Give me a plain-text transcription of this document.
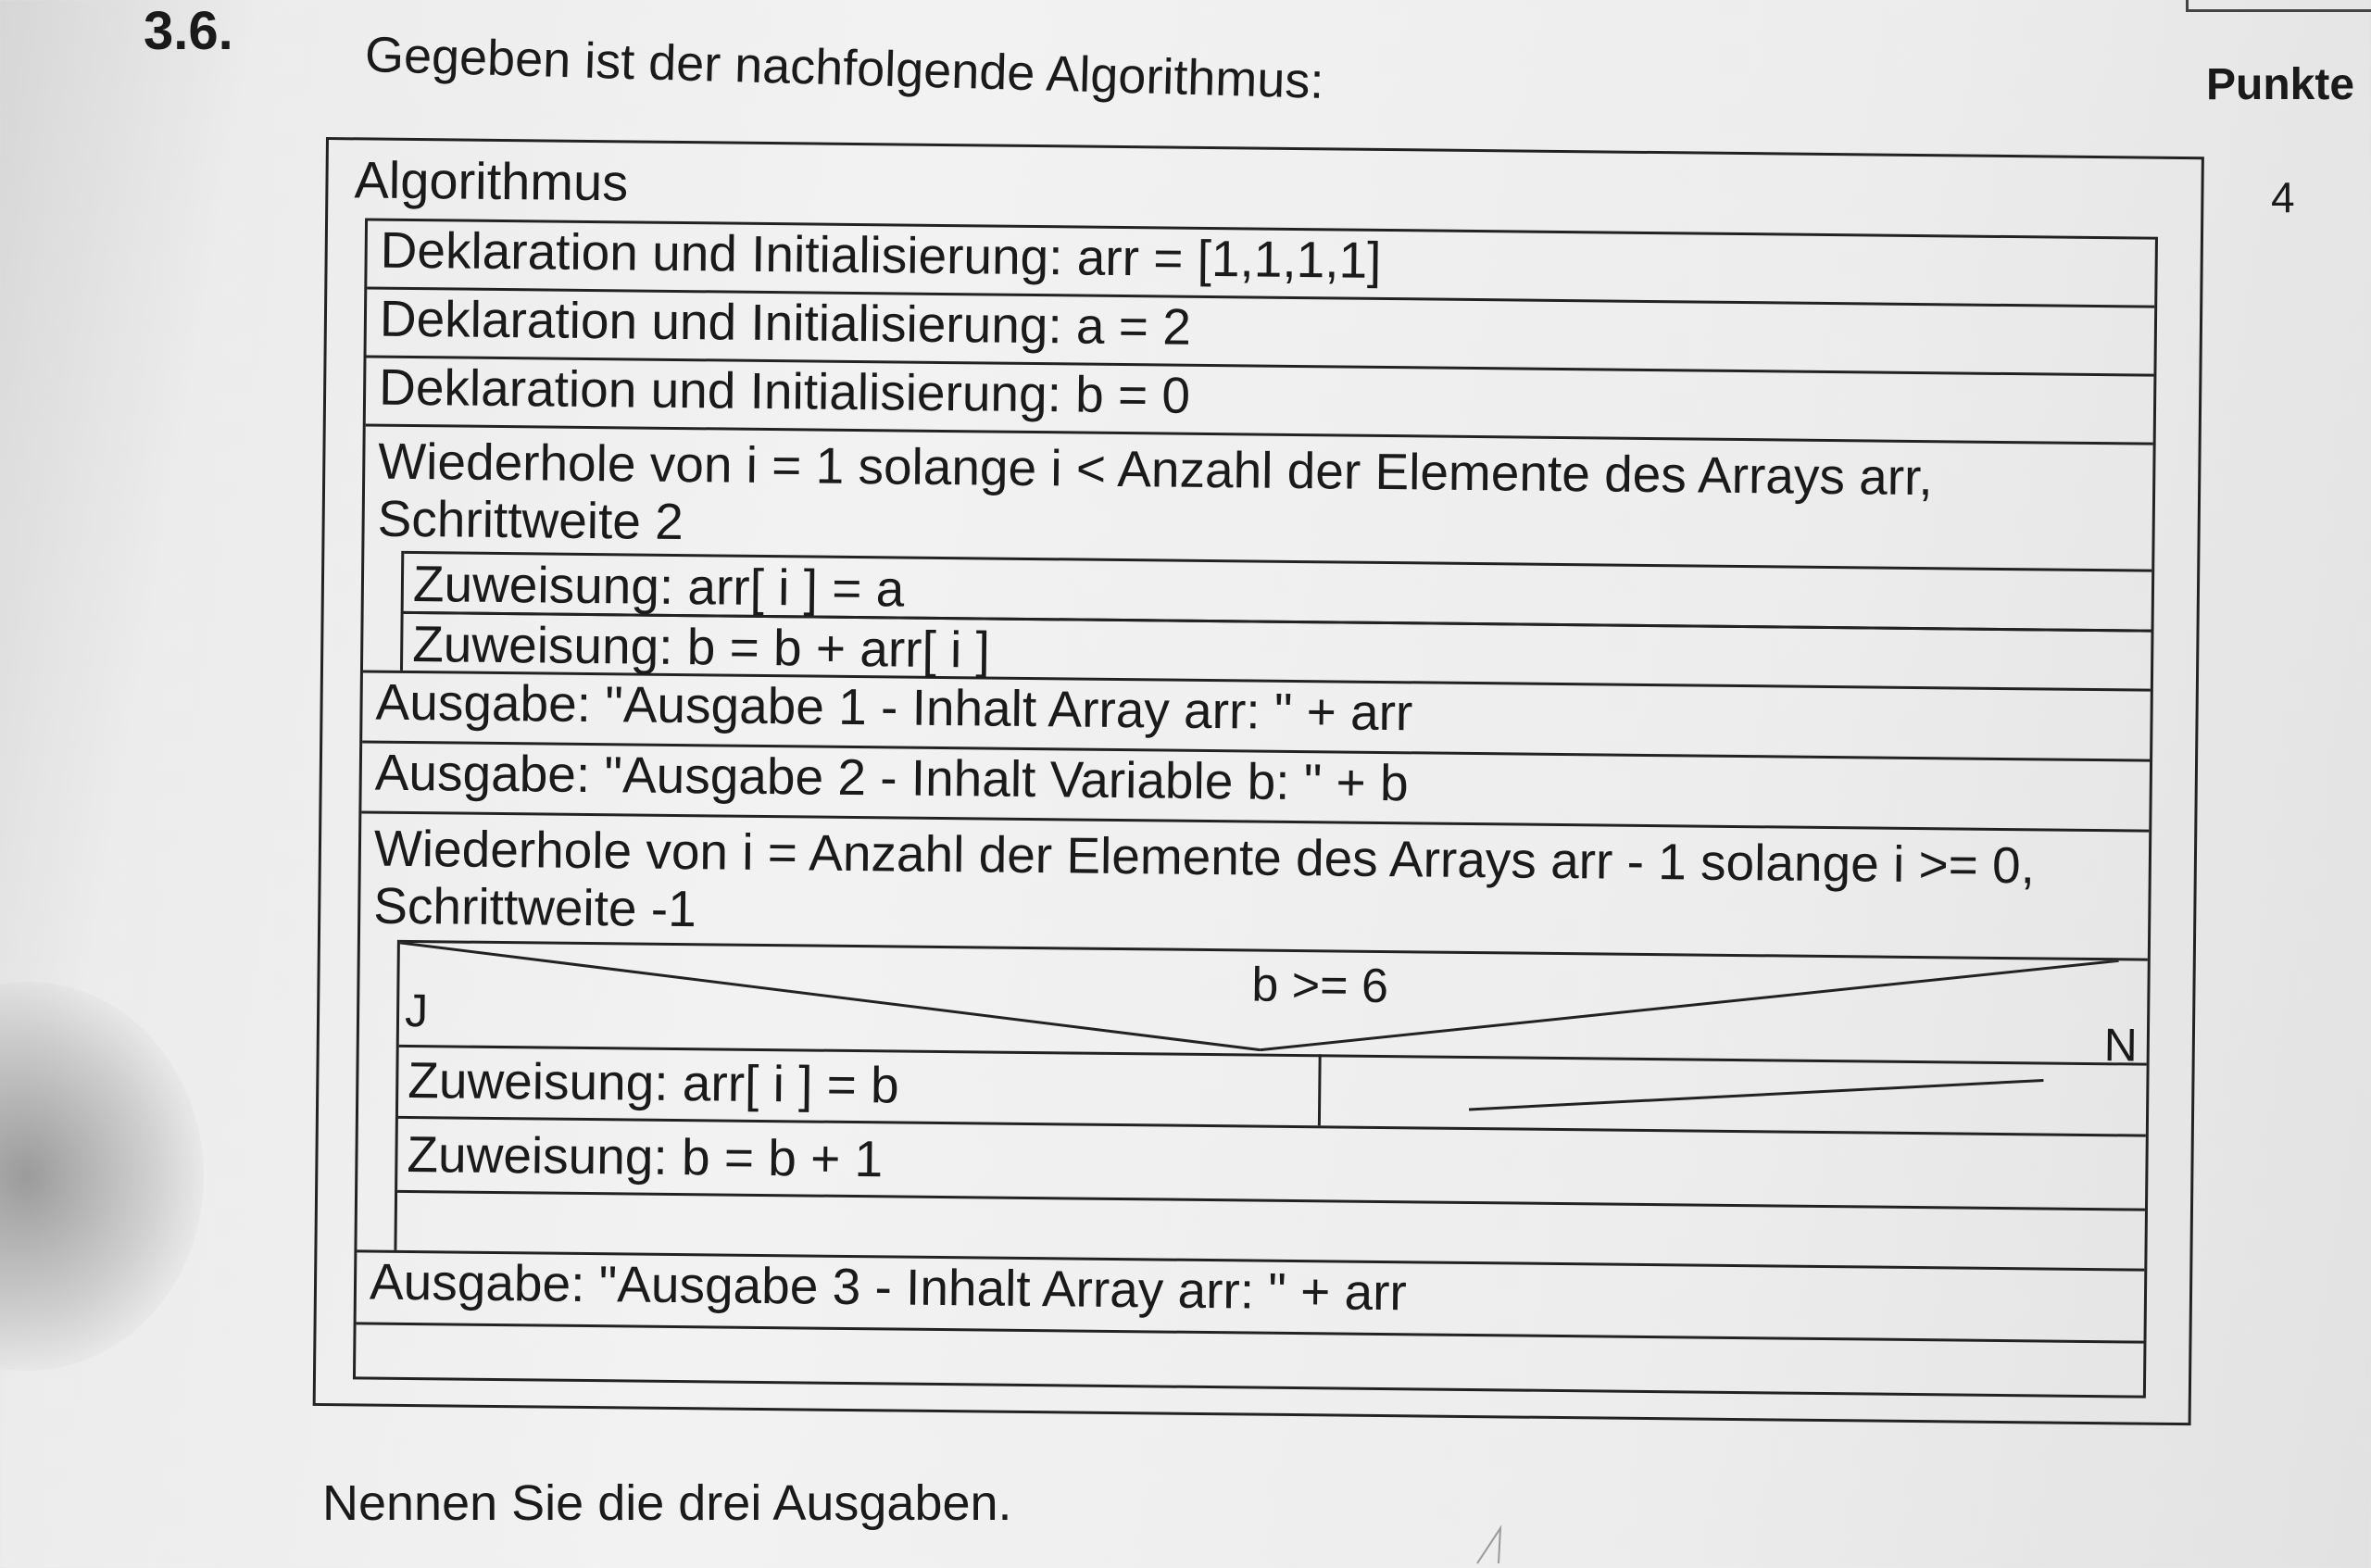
3.6.	Gegeben ist der nachfolgende Algorithmus:	Punkte
4
Algorithmus
Deklaration und Initialisierung: arr = [1,1,1,1]
Deklaration und Initialisierung: a = 2
Deklaration und Initialisierung: b = 0
Wiederhole von i = 1 solange i < Anzahl der Elemente des Arrays arr,
Schrittweite 2
Zuweisung: arr[ i ] = a
Zuweisung: b = b + arr[ i ]
Ausgabe: "Ausgabe 1 - Inhalt Array arr: " + arr
Ausgabe: "Ausgabe 2 - Inhalt Variable b: " + b
Wiederhole von i = Anzahl der Elemente des Arrays arr - 1 solange i >= 0,
Schrittweite -1
b >= 6
J
N
Zuweisung: arr[ i ] = b
Zuweisung: b = b + 1
Ausgabe: "Ausgabe 3 - Inhalt Array arr: " + arr
Nennen Sie die drei Ausgaben.
